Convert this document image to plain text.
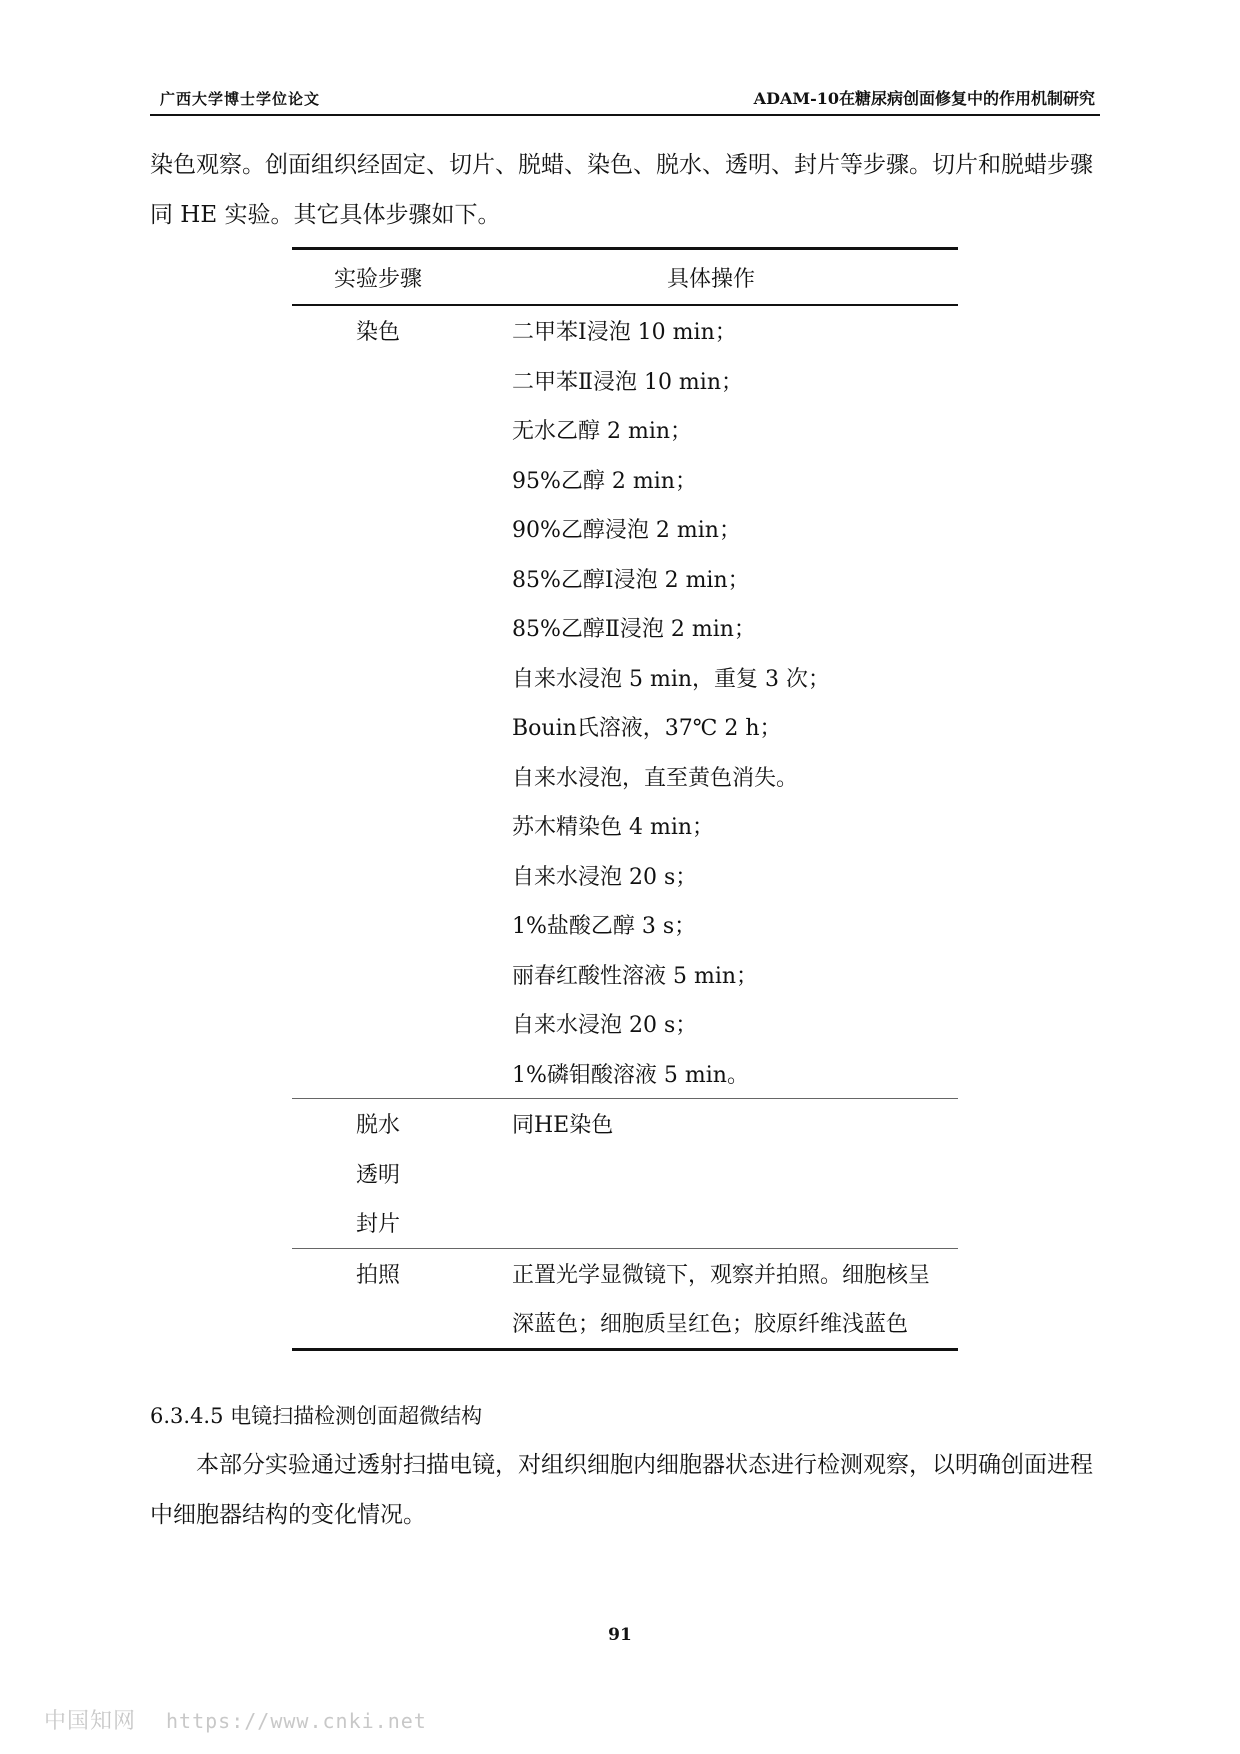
广西大学博士学位论文	ADAM-10在糖尿病创面修复中的作用机制研究

染色观察。创面组织经固定、切片、脱蜡、染色、脱水、透明、封片等步骤。切片和脱蜡步骤同 HE 实验。其它具体步骤如下。

实验步骤	具体操作
染色	二甲苯Ⅰ浸泡 10 min；
	二甲苯Ⅱ浸泡 10 min；
	无水乙醇 2 min；
	95%乙醇 2 min；
	90%乙醇浸泡 2 min；
	85%乙醇Ⅰ浸泡 2 min；
	85%乙醇Ⅱ浸泡 2 min；
	自来水浸泡 5 min，重复 3 次；
	Bouin氏溶液，37℃ 2 h；
	自来水浸泡，直至黄色消失。
	苏木精染色 4 min；
	自来水浸泡 20 s；
	1%盐酸乙醇 3 s；
	丽春红酸性溶液 5 min；
	自来水浸泡 20 s；
	1%磷钼酸溶液 5 min。
脱水	同HE染色
透明	
封片	
拍照	正置光学显微镜下，观察并拍照。细胞核呈
	深蓝色；细胞质呈红色；胶原纤维浅蓝色
6.3.4.5 电镜扫描检测创面超微结构

本部分实验通过透射扫描电镜，对组织细胞内细胞器状态进行检测观察，以明确创面进程中细胞器结构的变化情况。

91
中国知网 https://www.cnki.net
